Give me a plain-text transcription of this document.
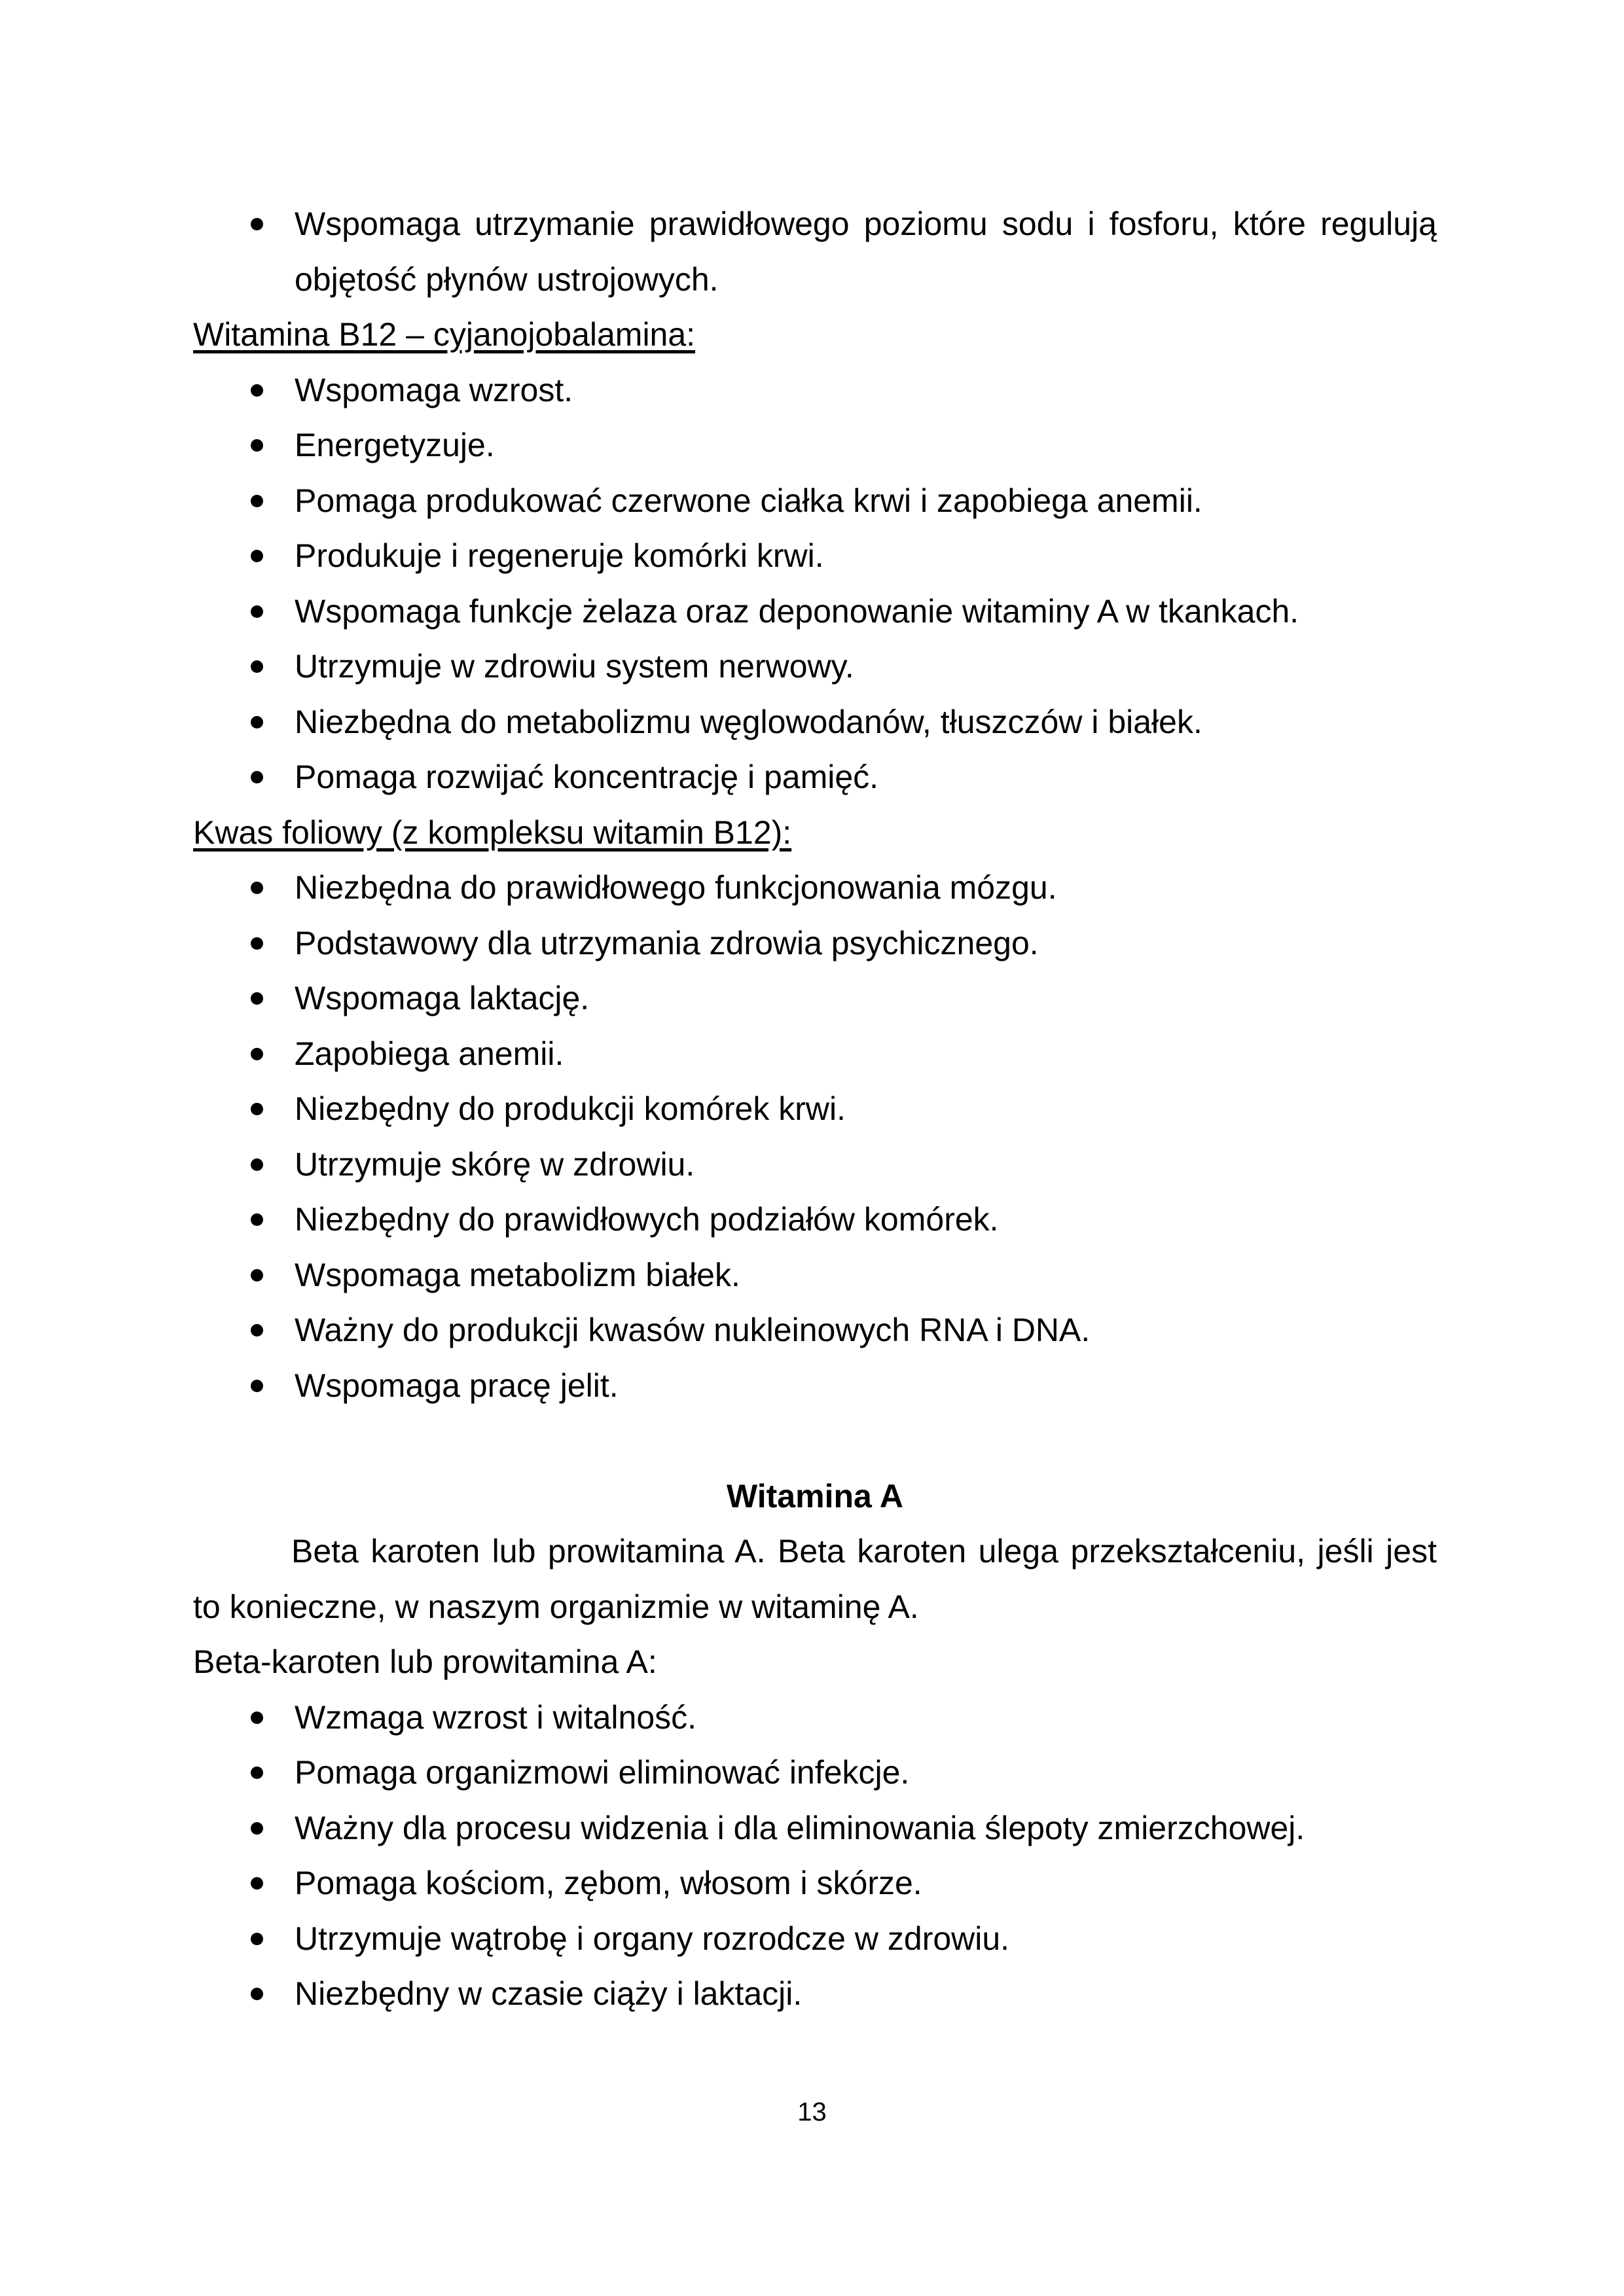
Wspomaga utrzymanie prawidłowego poziomu sodu i fosforu, które regulują objętość płynów ustrojowych.
Witamina B12 – cyjanojobalamina:
Wspomaga wzrost.
Energetyzuje.
Pomaga produkować czerwone ciałka krwi i zapobiega anemii.
Produkuje i regeneruje komórki krwi.
Wspomaga funkcje żelaza oraz deponowanie witaminy A w tkankach.
Utrzymuje w zdrowiu system nerwowy.
Niezbędna do metabolizmu węglowodanów, tłuszczów i białek.
Pomaga rozwijać koncentrację i pamięć.
Kwas foliowy (z kompleksu witamin B12):
Niezbędna do prawidłowego funkcjonowania mózgu.
Podstawowy dla utrzymania zdrowia psychicznego.
Wspomaga laktację.
Zapobiega anemii.
Niezbędny do produkcji komórek krwi.
Utrzymuje skórę w zdrowiu.
Niezbędny do prawidłowych podziałów komórek.
Wspomaga metabolizm białek.
Ważny do produkcji kwasów nukleinowych RNA i DNA.
Wspomaga pracę jelit.
Witamina A
Beta karoten lub prowitamina A. Beta karoten ulega przekształceniu, jeśli jest to konieczne, w naszym organizmie w witaminę A.
Beta-karoten lub prowitamina A:
Wzmaga wzrost i witalność.
Pomaga organizmowi eliminować infekcje.
Ważny dla procesu widzenia i dla eliminowania ślepoty zmierzchowej.
Pomaga kościom, zębom, włosom i skórze.
Utrzymuje wątrobę i organy rozrodcze w zdrowiu.
Niezbędny w czasie ciąży i laktacji.
13
